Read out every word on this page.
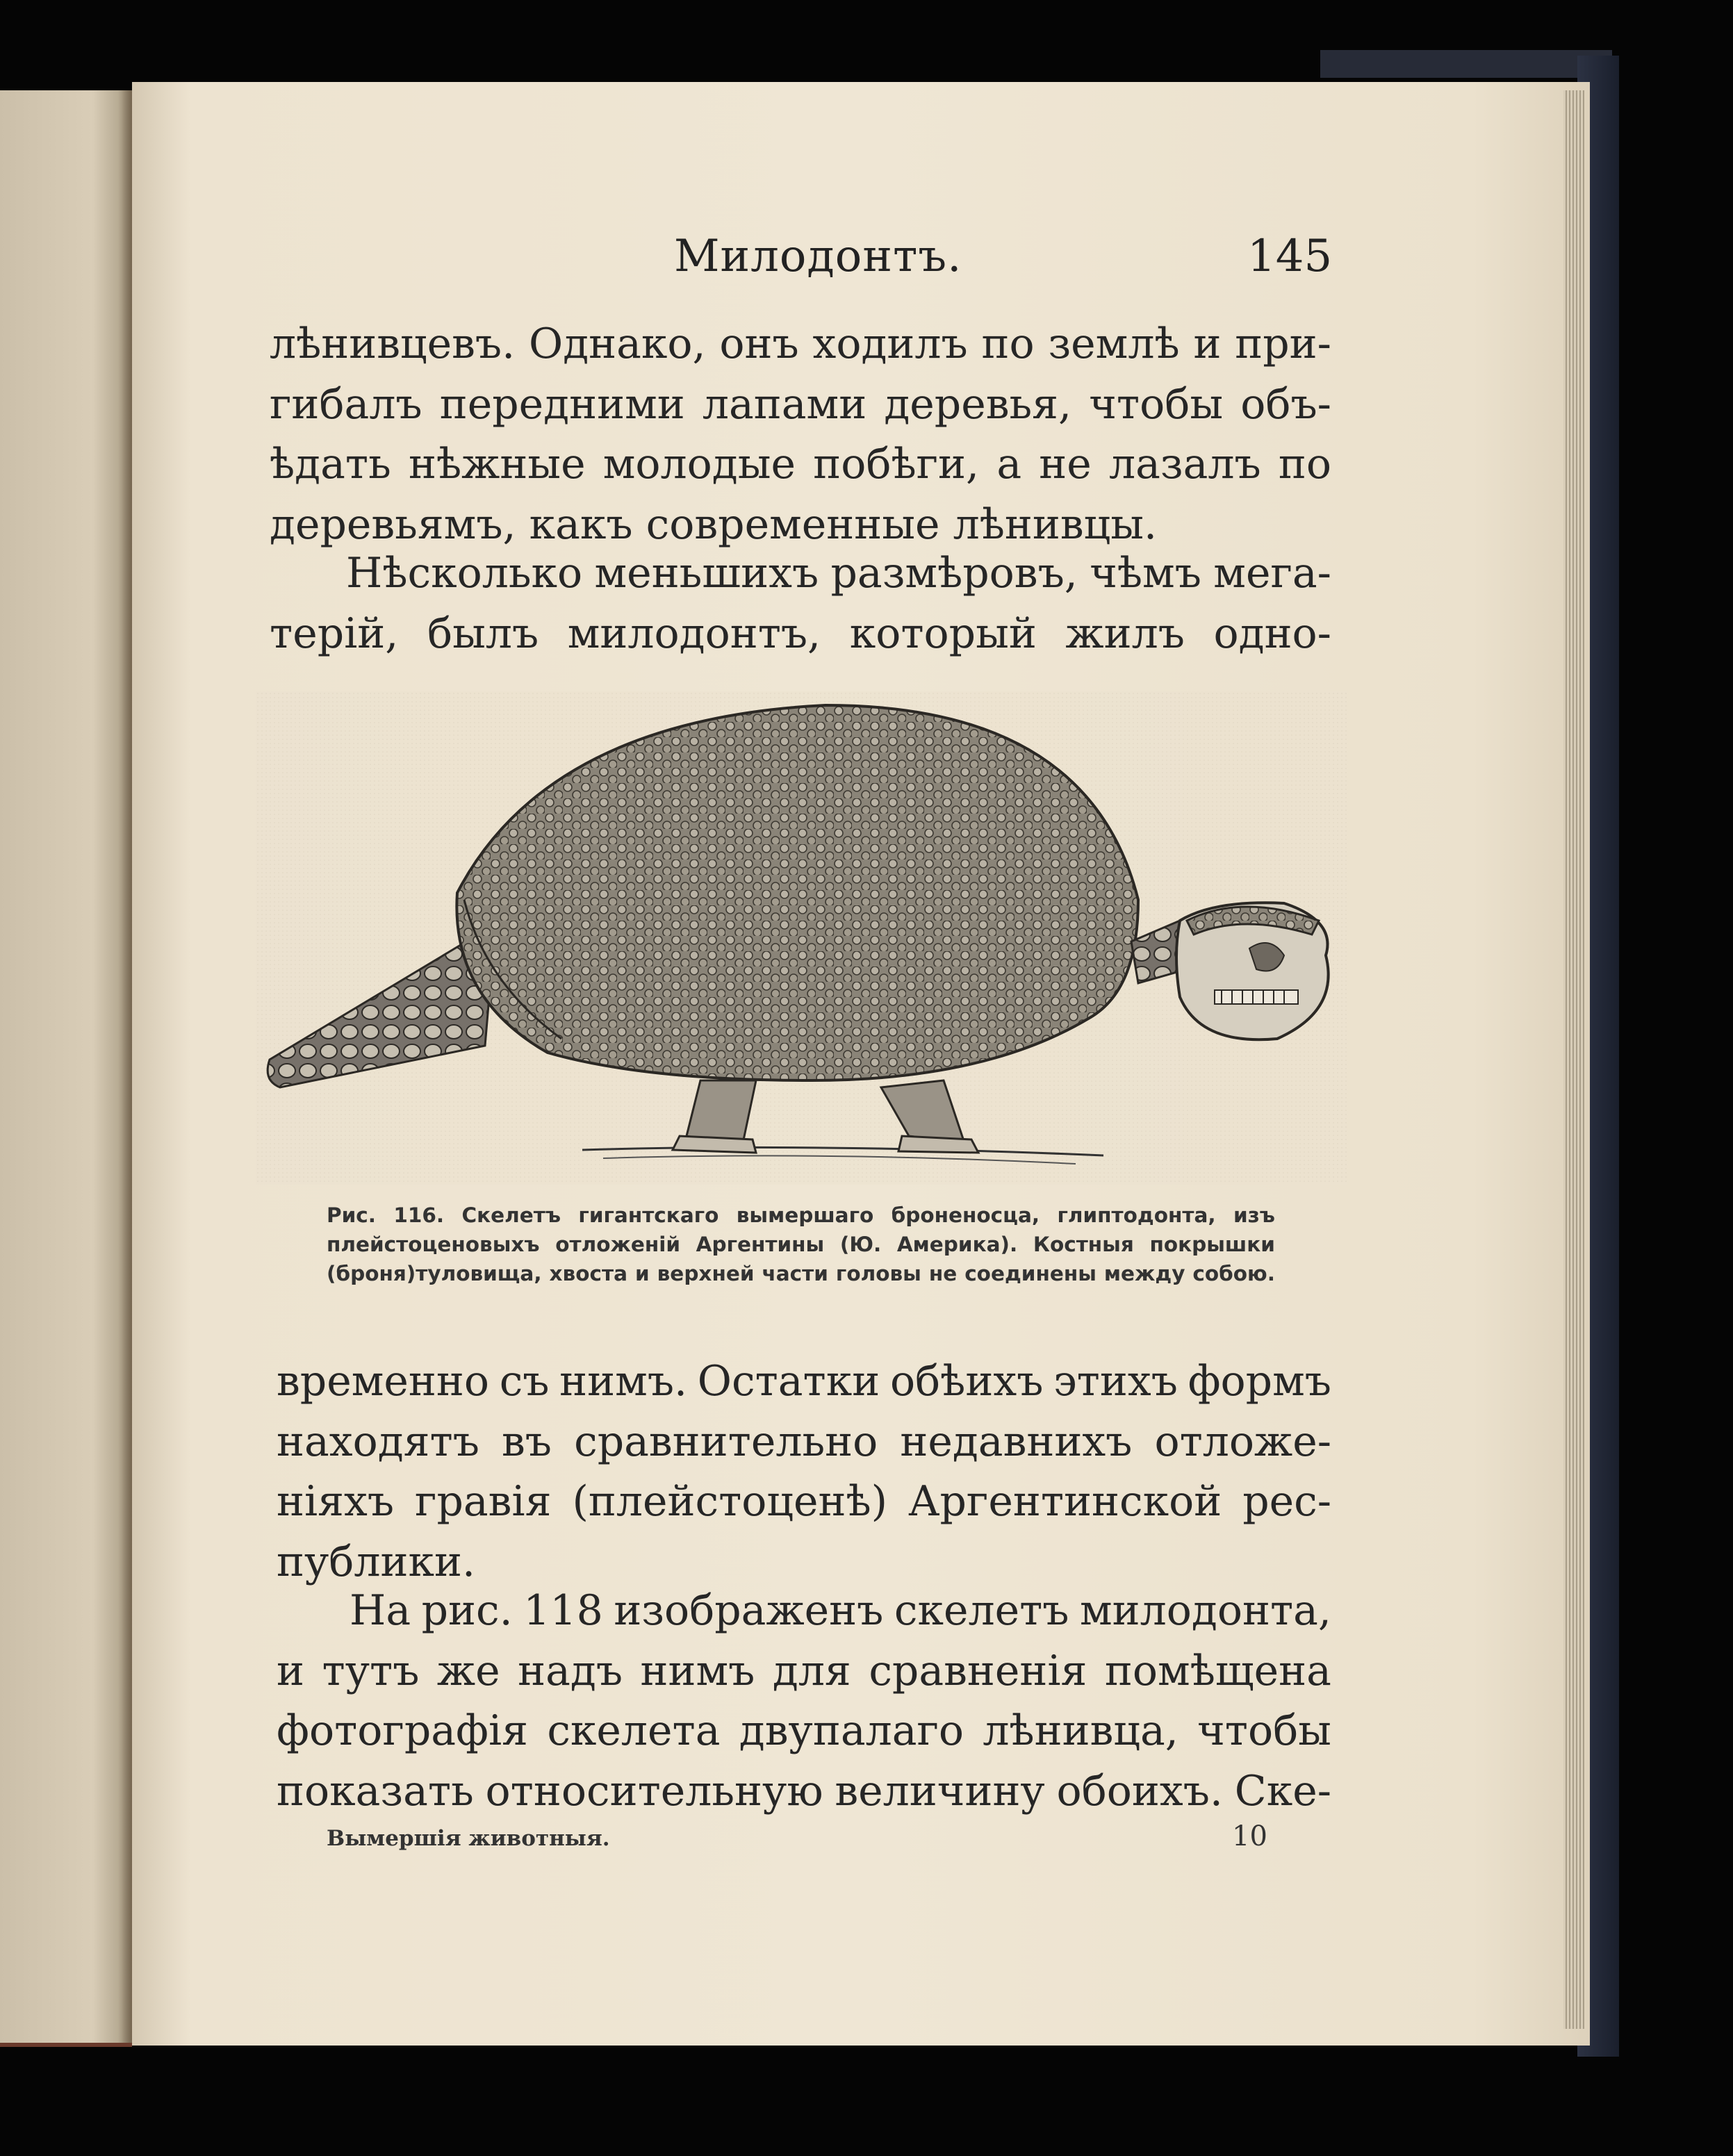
Милодонтъ.	145
лѣнивцевъ. Однако, онъ ходилъ по землѣ и при-
гибалъ передними лапами деревья, чтобы объ-
ѣдать нѣжные молодые побѣги, а не лазалъ по
деревьямъ, какъ современные лѣнивцы.
Нѣсколько меньшихъ размѣровъ, чѣмъ мега-
терій, былъ милодонтъ, который жилъ одно-
Рис. 116. Скелетъ гигантскаго вымершаго броненосца, глиптодонта, изъ
плейстоценовыхъ отложеній Аргентины (Ю. Америка). Костныя покрышки
(броня)туловища, хвоста и верхней части головы не соединены между собою.
временно съ нимъ. Остатки обѣихъ этихъ формъ
находятъ въ сравнительно недавнихъ отложе-
ніяхъ гравія (плейстоценѣ) Аргентинской рес-
публики.
На рис. 118 изображенъ скелетъ милодонта,
и тутъ же надъ нимъ для сравненія помѣщена
фотографія скелета двупалаго лѣнивца, чтобы
показать относительную величину обоихъ. Ске-
Вымершія животныя.	10
